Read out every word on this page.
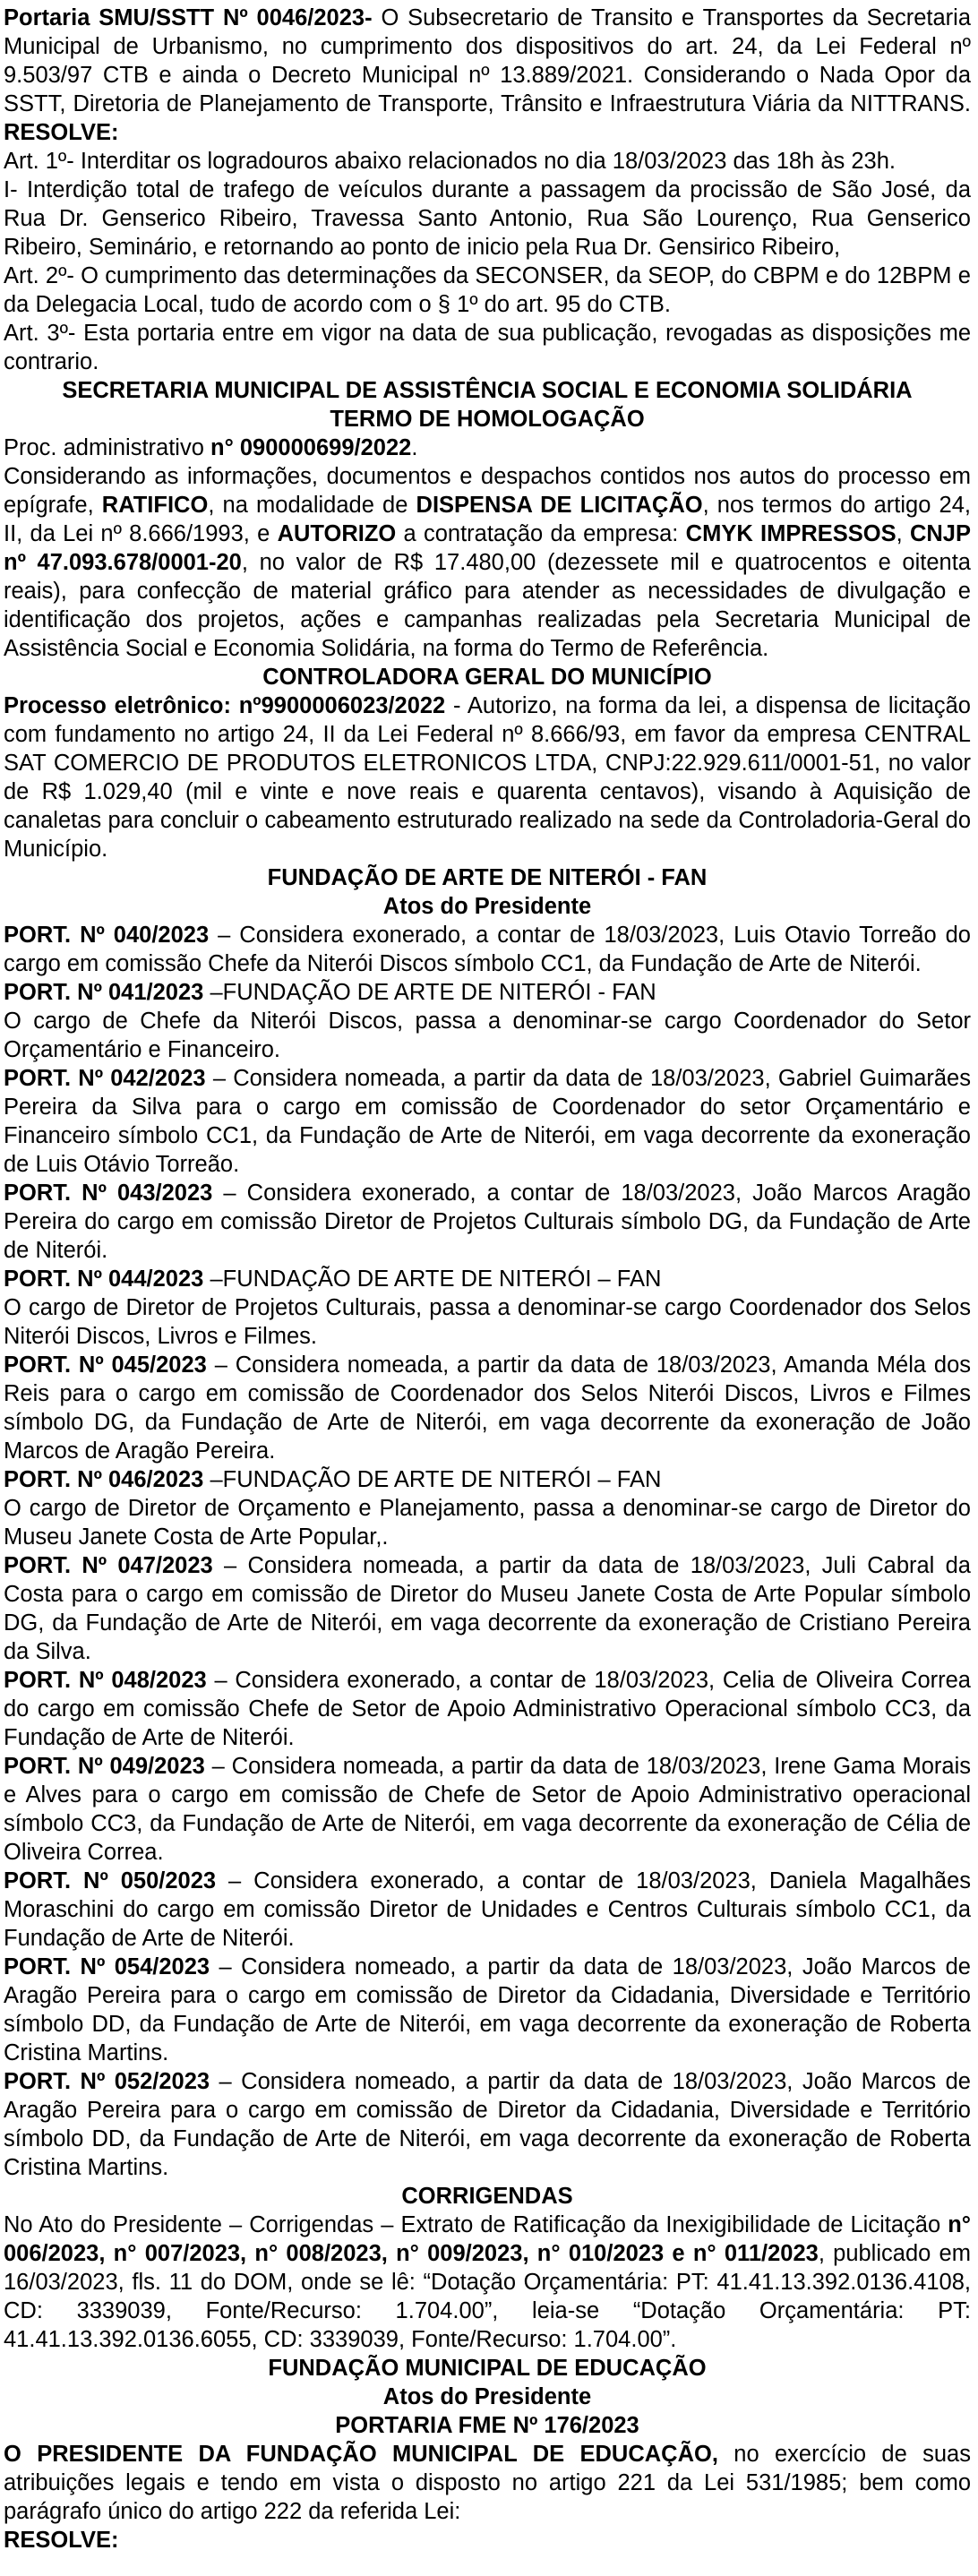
Portaria SMU/SSTT Nº 0046/2023- O Subsecretario de Transito e Transportes da Secretaria Municipal de Urbanismo, no cumprimento dos dispositivos do art. 24, da Lei Federal nº 9.503/97 CTB e ainda o Decreto Municipal nº 13.889/2021. Considerando o Nada Opor da SSTT, Diretoria de Planejamento de Transporte, Trânsito e Infraestrutura Viária da NITTRANS. RESOLVE:

Art. 1º- Interditar os logradouros abaixo relacionados no dia 18/03/2023 das 18h às 23h.

I- Interdição total de trafego de veículos durante a passagem da procissão de São José, da Rua Dr. Genserico Ribeiro, Travessa Santo Antonio, Rua São Lourenço, Rua Genserico Ribeiro, Seminário, e retornando ao ponto de inicio pela Rua Dr. Gensirico Ribeiro,

Art. 2º- O cumprimento das determinações da SECONSER, da SEOP, do CBPM e do 12BPM e da Delegacia Local, tudo de acordo com o § 1º do art. 95 do CTB.

Art. 3º- Esta portaria entre em vigor na data de sua publicação, revogadas as disposições me contrario.

SECRETARIA MUNICIPAL DE ASSISTÊNCIA SOCIAL E ECONOMIA SOLIDÁRIA

TERMO DE HOMOLOGAÇÃO

Proc. administrativo n° 090000699/2022.

Considerando as informações, documentos e despachos contidos nos autos do processo em epígrafe, RATIFICO, na modalidade de DISPENSA DE LICITAÇÃO, nos termos do artigo 24, II, da Lei nº 8.666/1993, e AUTORIZO a contratação da empresa: CMYK IMPRESSOS, CNJP nº 47.093.678/0001-20, no valor de R$ 17.480,00 (dezessete mil e quatrocentos e oitenta reais), para confecção de material gráfico para atender as necessidades de divulgação e identificação dos projetos, ações e campanhas realizadas pela Secretaria Municipal de Assistência Social e Economia Solidária, na forma do Termo de Referência.

CONTROLADORA GERAL DO MUNICÍPIO

Processo eletrônico: nº9900006023/2022 - Autorizo, na forma da lei, a dispensa de licitação com fundamento no artigo 24, II da Lei Federal nº 8.666/93, em favor da empresa CENTRAL SAT COMERCIO DE PRODUTOS ELETRONICOS LTDA, CNPJ:22.929.611/0001-51, no valor de R$ 1.029,40 (mil e vinte e nove reais e quarenta centavos), visando à Aquisição de canaletas para concluir o cabeamento estruturado realizado na sede da Controladoria-Geral do Município.

FUNDAÇÃO DE ARTE DE NITERÓI - FAN

Atos do Presidente

PORT. Nº 040/2023 – Considera exonerado, a contar de 18/03/2023, Luis Otavio Torreão do cargo em comissão Chefe da Niterói Discos símbolo CC1, da Fundação de Arte de Niterói.

PORT. Nº 041/2023 –FUNDAÇÃO DE ARTE DE NITERÓI - FAN

O cargo de Chefe da Niterói Discos, passa a denominar-se cargo Coordenador do Setor Orçamentário e Financeiro.

PORT. Nº 042/2023 – Considera nomeada, a partir da data de 18/03/2023, Gabriel Guimarães Pereira da Silva para o cargo em comissão de Coordenador do setor Orçamentário e Financeiro símbolo CC1, da Fundação de Arte de Niterói, em vaga decorrente da exoneração de Luis Otávio Torreão.

PORT. Nº 043/2023 – Considera exonerado, a contar de 18/03/2023, João Marcos Aragão Pereira do cargo em comissão Diretor de Projetos Culturais símbolo DG, da Fundação de Arte de Niterói.

PORT. Nº 044/2023 –FUNDAÇÃO DE ARTE DE NITERÓI – FAN

O cargo de Diretor de Projetos Culturais, passa a denominar-se cargo Coordenador dos Selos Niterói Discos, Livros e Filmes.

PORT. Nº 045/2023 – Considera nomeada, a partir da data de 18/03/2023, Amanda Méla dos Reis para o cargo em comissão de Coordenador dos Selos Niterói Discos, Livros e Filmes símbolo DG, da Fundação de Arte de Niterói, em vaga decorrente da exoneração de João Marcos de Aragão Pereira.

PORT. Nº 046/2023 –FUNDAÇÃO DE ARTE DE NITERÓI – FAN

O cargo de Diretor de Orçamento e Planejamento, passa a denominar-se cargo de Diretor do Museu Janete Costa de Arte Popular,.

PORT. Nº 047/2023 – Considera nomeada, a partir da data de 18/03/2023, Juli Cabral da Costa para o cargo em comissão de Diretor do Museu Janete Costa de Arte Popular símbolo DG, da Fundação de Arte de Niterói, em vaga decorrente da exoneração de Cristiano Pereira da Silva.

PORT. Nº 048/2023 – Considera exonerado, a contar de 18/03/2023, Celia de Oliveira Correa do cargo em comissão Chefe de Setor de Apoio Administrativo Operacional símbolo CC3, da Fundação de Arte de Niterói.

PORT. Nº 049/2023 – Considera nomeada, a partir da data de 18/03/2023, Irene Gama Morais e Alves para o cargo em comissão de Chefe de Setor de Apoio Administrativo operacional símbolo CC3, da Fundação de Arte de Niterói, em vaga decorrente da exoneração de Célia de Oliveira Correa.

PORT. Nº 050/2023 – Considera exonerado, a contar de 18/03/2023, Daniela Magalhães Moraschini do cargo em comissão Diretor de Unidades e Centros Culturais símbolo CC1, da Fundação de Arte de Niterói.

PORT. Nº 054/2023 – Considera nomeado, a partir da data de 18/03/2023, João Marcos de Aragão Pereira para o cargo em comissão de Diretor da Cidadania, Diversidade e Território símbolo DD, da Fundação de Arte de Niterói, em vaga decorrente da exoneração de Roberta Cristina Martins.

PORT. Nº 052/2023 – Considera nomeado, a partir da data de 18/03/2023, João Marcos de Aragão Pereira para o cargo em comissão de Diretor da Cidadania, Diversidade e Território símbolo DD, da Fundação de Arte de Niterói, em vaga decorrente da exoneração de Roberta Cristina Martins.

CORRIGENDAS

No Ato do Presidente – Corrigendas – Extrato de Ratificação da Inexigibilidade de Licitação n° 006/2023, n° 007/2023, n° 008/2023, n° 009/2023, n° 010/2023 e n° 011/2023, publicado em 16/03/2023, fls. 11 do DOM, onde se lê: “Dotação Orçamentária: PT: 41.41.13.392.0136.4108, CD: 3339039, Fonte/Recurso: 1.704.00”, leia-se “Dotação Orçamentária: PT: 41.41.13.392.0136.6055, CD: 3339039, Fonte/Recurso: 1.704.00”.

FUNDAÇÃO MUNICIPAL DE EDUCAÇÃO

Atos do Presidente

PORTARIA FME Nº 176/2023

O PRESIDENTE DA FUNDAÇÃO MUNICIPAL DE EDUCAÇÃO, no exercício de suas atribuições legais e tendo em vista o disposto no artigo 221 da Lei 531/1985; bem como parágrafo único do artigo 222 da referida Lei:

RESOLVE:
